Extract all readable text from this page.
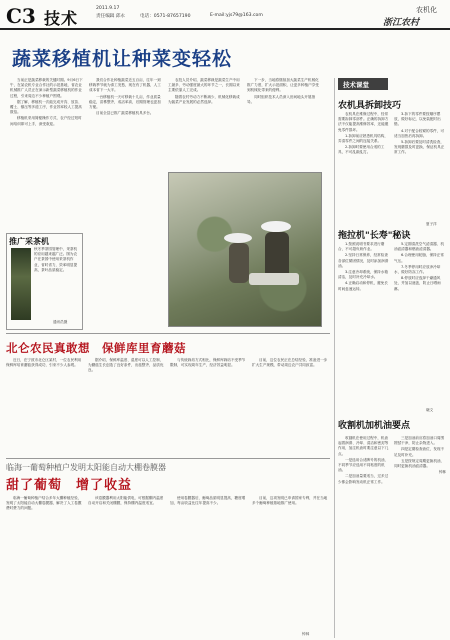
C3 技术
2011.9.17
责任编辑 邱永	电话：0571-87657190	E-mail:yjs79@163.com
农机化
浙江农村
蔬菜移植机让种菜变轻松

当前正是蔬菜移栽的关键时期。9月6日下午，在某农机专业合作社的示范基地，省农业机械推广人员正在演示新型蔬菜移植机的作业过程，引来周边不少种植户围观。

据了解，移植机一次能完成开沟、放苗、覆土、镇压等多道工序，作业效率较人工提高数倍。

移植机采用简便操作方式，农户经过短时间培训即可上手，深受欢迎。

我们合作社种植蔬菜近五百亩，往年一到移栽季节就为请工发愁，现在有了机器，人工成本省下一大半。

一台移植机一天可移栽十几亩，作业质量稳定，苗株整齐，成活率高，后期管理也更加方便。

目前全县已推广蔬菜移植机具多台。

农技人员介绍，蔬菜移栽是蔬菜生产中用工最多、劳动强度最大的环节之一，长期以来主要依靠人工完成。

随着农村劳动力不断减少，机械化移栽成为蔬菜产业发展的必然选择。

下一步，当地将继续加大蔬菜生产机械化推广力度，扩大示范面积，让更多种植户享受到机械化带来的便利。

同时组织技术人员深入田间地头开展指导。

推广采茶机
秋冬季茶园管理中，采茶机的应用越来越广泛。图为农户在茶园中使用采茶机作业，省时省力，效率明显提高，茶叶品质稳定。
通讯员摄
技术课堂
农机具拆卸技巧

农机具在维修过程中，经常需要拆卸零部件。正确的拆卸方法不仅能提高维修效率，还能避免零件损坏。

1.拆卸前应熟悉机具结构，弄清零件之间的连接关系。

2.拆卸时要使用合适的工具，不可乱敲乱打。

3.拆下的零件要按顺序摆放，做好标记，以免装配时出错。

4.对于配合较紧的零件，可适当加热后再拆卸。

5.拆卸后要及时清洗检查，发现磨损及时更换，保证机具正常工作。

夏子洋
拖拉机"长寿"秘诀

1.按照说明书要求进行磨合，不可超负荷作业。

2.坚持日常保养，经常检查各部位紧固情况，及时添加润滑油。

3.注意冷却系统，保持水箱清洁，及时补充冷却水。

4.正确启动和停机，避免长时间怠速运转。

5.定期清洗空气滤清器、机油滤清器和燃油滤清器。

6.合理使用轮胎，保持正常气压。

7.冬季停用时应放净冷却水，做好防冻工作。

8.停放时应选择干燥通风处，并加以遮盖，防止日晒雨淋。

晓文
收割机加机油要点

收割机在使用过程中，机油起着润滑、冷却、清洁和密封等作用，加注机油时要注意以下几点。

一是选用合适牌号的机油，不同季节应选用不同粘度的机油。

二是加油量要适当，过多过少都会影响发动机正常工作。

三是加油前应将加油口周围擦拭干净，防止杂物进入。

四是定期检查油位，发现不足及时补充。

五是按规定周期更换机油，同时更换机油滤清器。

钟林

北仑农民真敢想　保鲜库里育蘑菇

近日，在宁波市北仑区某村，一位农民利用保鲜库培育蘑菇获得成功，引来不少人参观。

据介绍，保鲜库温度、湿度可以人工控制，为蘑菇生长创造了良好条件，出菇整齐，品质优良。

与传统栽培方式相比，保鲜库栽培不受季节限制，可实现周年生产，经济效益明显。

目前，这位农民正在总结经验，准备进一步扩大生产规模，带动周边农户共同致富。

临海一葡萄种植户发明太阳能自动大棚卷膜器
甜了葡萄　增了收益

临海一葡萄种植户结合多年大棚种植经验，发明了太阳能自动大棚卷膜器，解决了人工卷膜费时费力的问题。

该卷膜器利用太阳能供电，可根据棚内温度自动开启和关闭棚膜，保持棚内温度适宜。

使用卷膜器后，葡萄品质明显提高，糖度增加，每亩收益比往年提高不少。

目前，这项发明已申请国家专利，并在当地多个葡萄种植基地推广使用。

钟林
